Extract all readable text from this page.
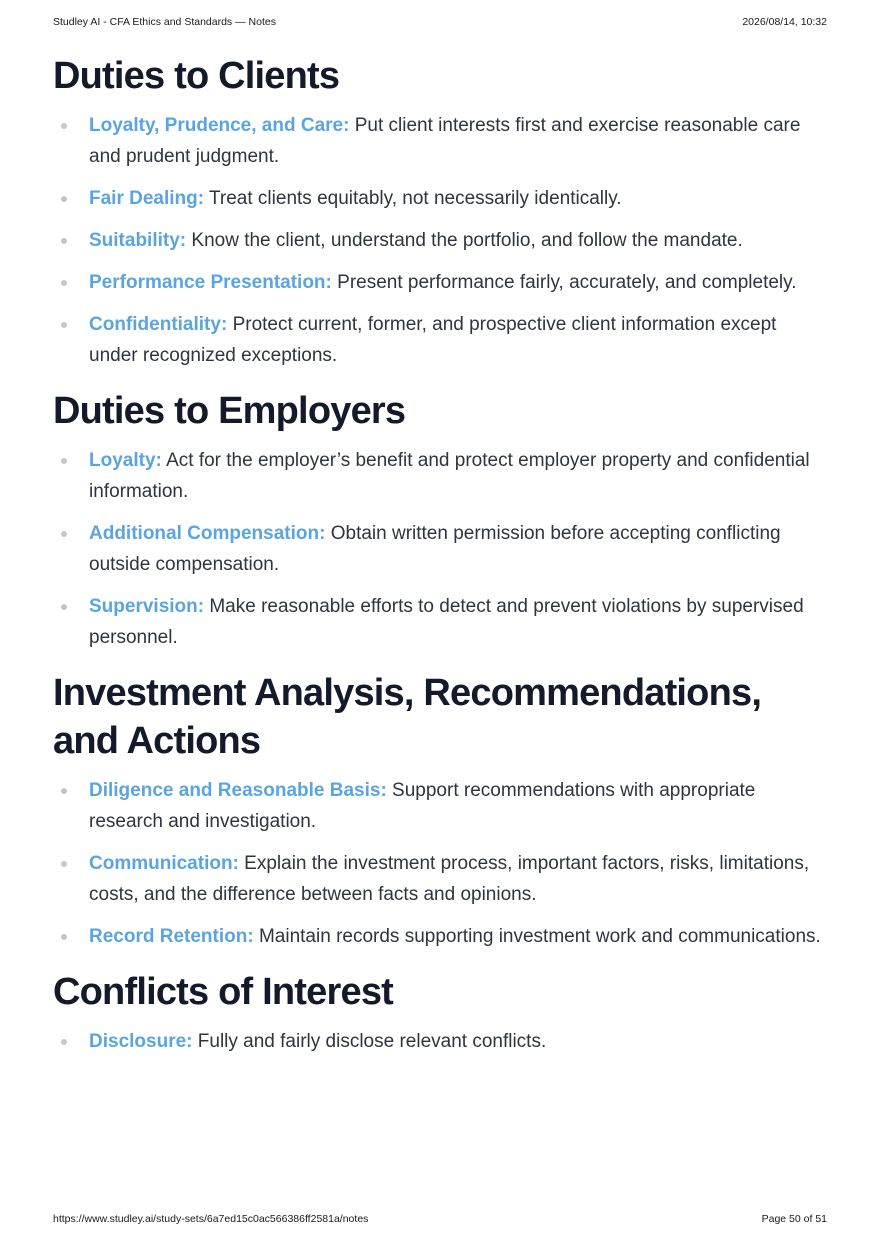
Studley AI - CFA Ethics and Standards — Notes	2026/08/14, 10:32
Duties to Clients
Loyalty, Prudence, and Care: Put client interests first and exercise reasonable care and prudent judgment.
Fair Dealing: Treat clients equitably, not necessarily identically.
Suitability: Know the client, understand the portfolio, and follow the mandate.
Performance Presentation: Present performance fairly, accurately, and completely.
Confidentiality: Protect current, former, and prospective client information except under recognized exceptions.
Duties to Employers
Loyalty: Act for the employer’s benefit and protect employer property and confidential information.
Additional Compensation: Obtain written permission before accepting conflicting outside compensation.
Supervision: Make reasonable efforts to detect and prevent violations by supervised personnel.
Investment Analysis, Recommendations, and Actions
Diligence and Reasonable Basis: Support recommendations with appropriate research and investigation.
Communication: Explain the investment process, important factors, risks, limitations, costs, and the difference between facts and opinions.
Record Retention: Maintain records supporting investment work and communications.
Conflicts of Interest
Disclosure: Fully and fairly disclose relevant conflicts.
https://www.studley.ai/study-sets/6a7ed15c0ac566386ff2581a/notes	Page 50 of 51
